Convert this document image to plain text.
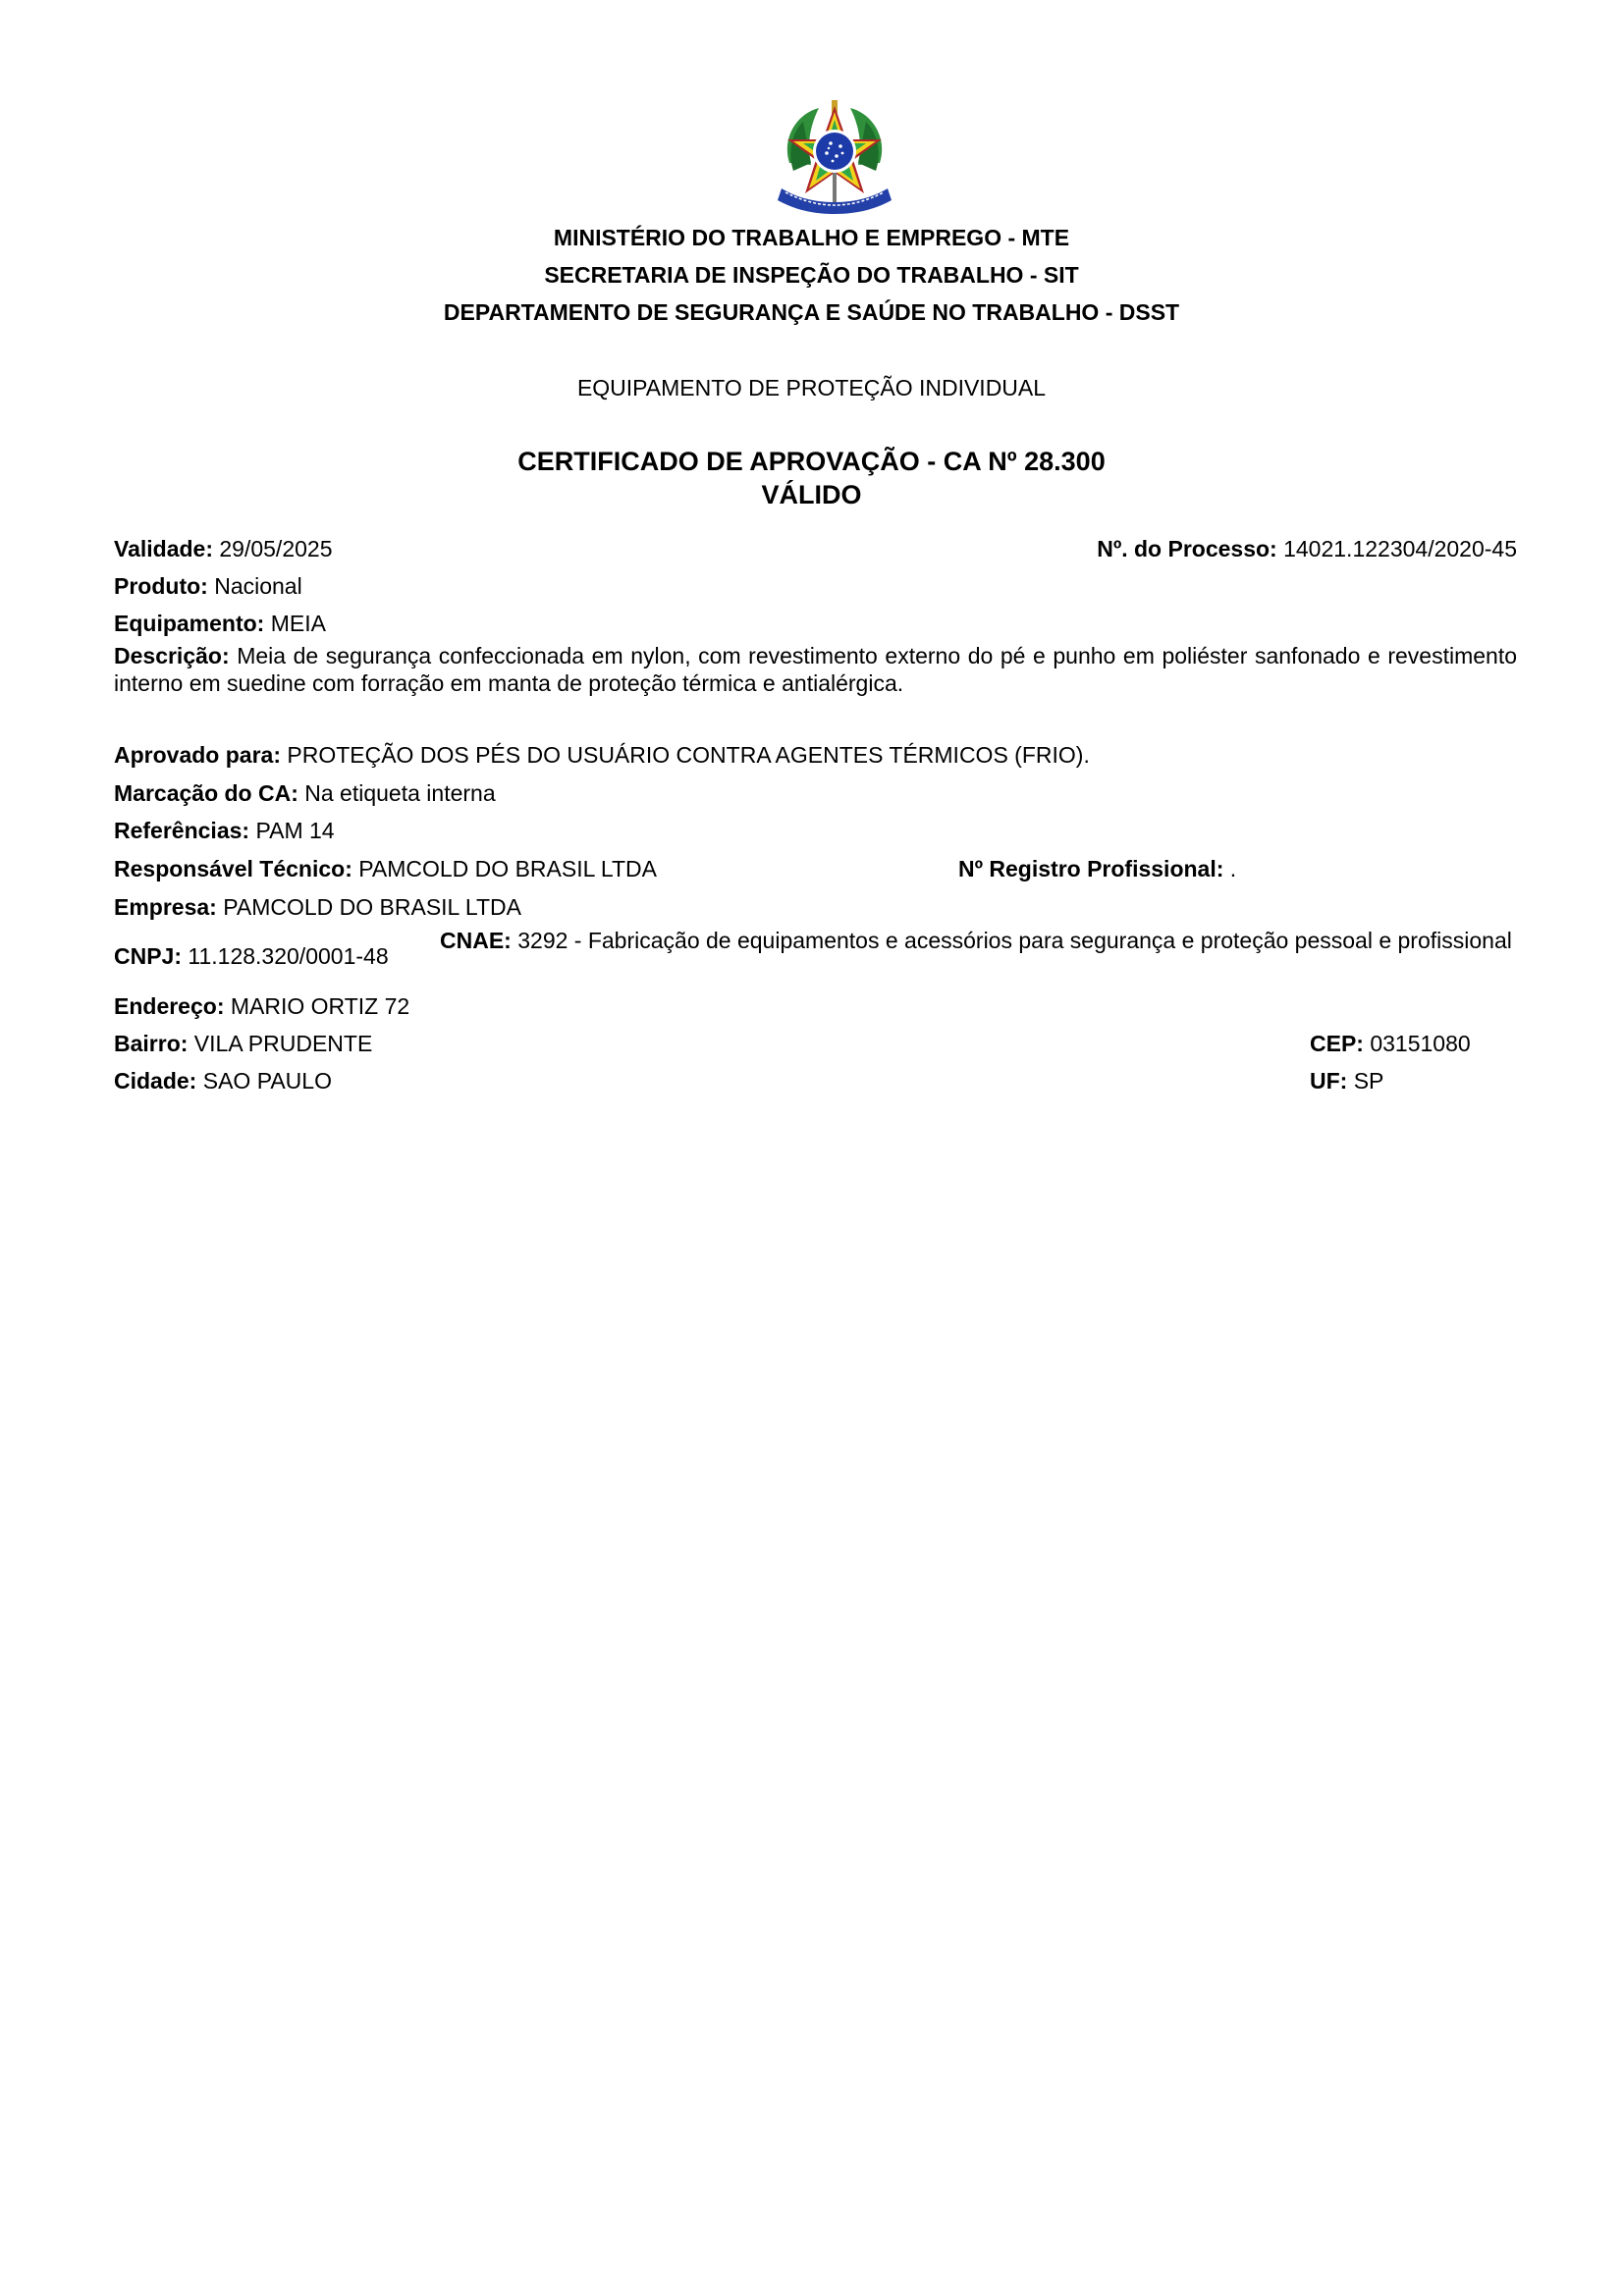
MINISTÉRIO DO TRABALHO E EMPREGO - MTE
SECRETARIA DE INSPEÇÃO DO TRABALHO - SIT
DEPARTAMENTO DE SEGURANÇA E SAÚDE NO TRABALHO - DSST
EQUIPAMENTO DE PROTEÇÃO INDIVIDUAL
CERTIFICADO DE APROVAÇÃO - CA Nº 28.300
VÁLIDO
Validade: 29/05/2025	Nº. do Processo: 14021.122304/2020-45
Produto: Nacional
Equipamento: MEIA
Descrição: Meia de segurança confeccionada em nylon, com revestimento externo do pé e punho em poliéster sanfonado e revestimento interno em suedine com forração em manta de proteção térmica e antialérgica.
Aprovado para: PROTEÇÃO DOS PÉS DO USUÁRIO CONTRA AGENTES TÉRMICOS (FRIO).
Marcação do CA: Na etiqueta interna
Referências: PAM 14
Responsável Técnico: PAMCOLD DO BRASIL LTDA	Nº Registro Profissional: .
Empresa: PAMCOLD DO BRASIL LTDA
CNPJ: 11.128.320/0001-48
CNAE: 3292 - Fabricação de equipamentos e acessórios para segurança e proteção pessoal e profissional
Endereço: MARIO ORTIZ 72
Bairro: VILA PRUDENTE	CEP: 03151080
Cidade: SAO PAULO	UF: SP
